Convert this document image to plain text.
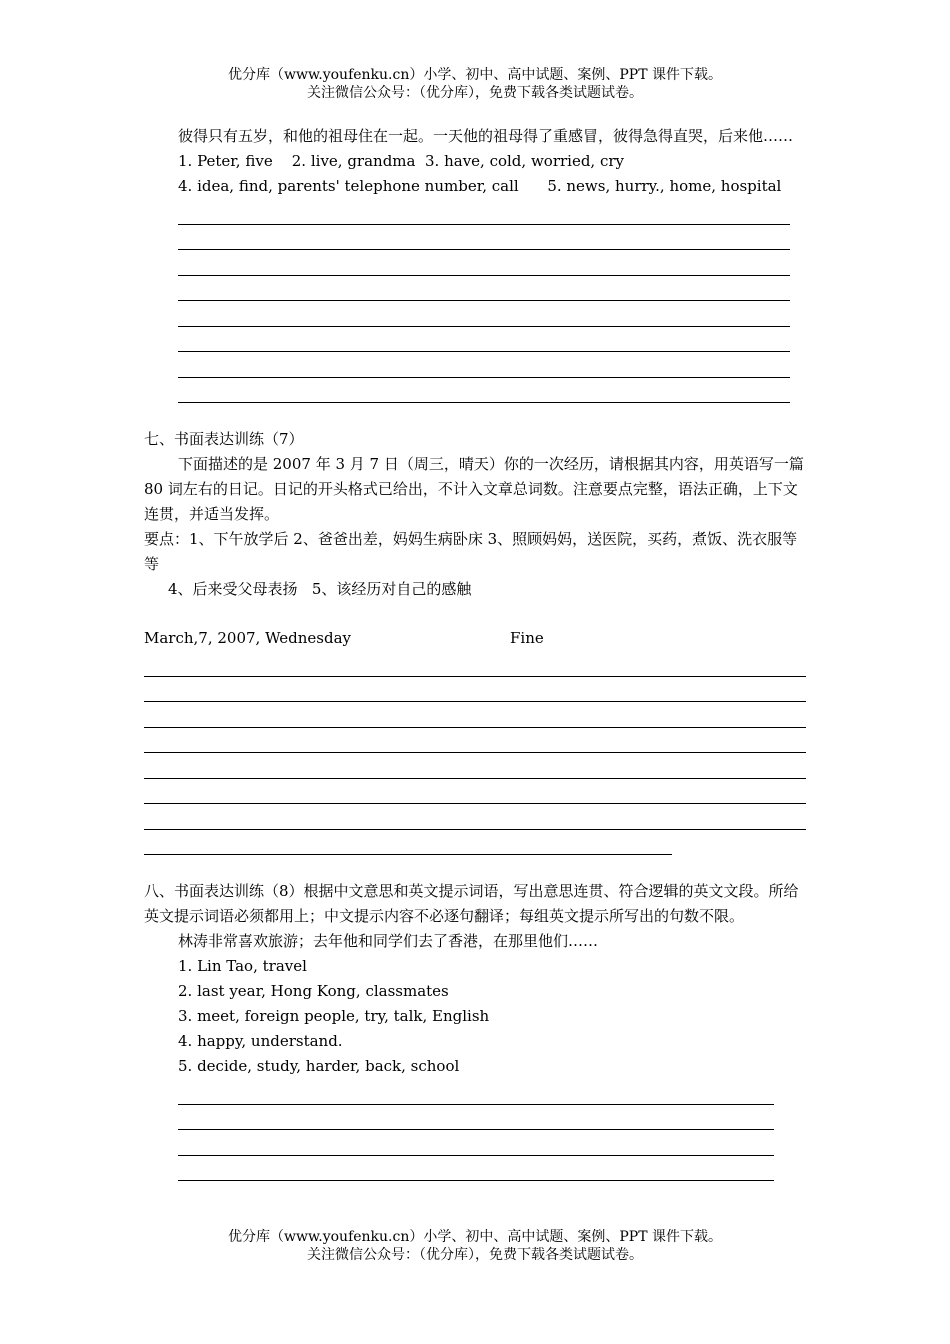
优分库（www.youfenku.cn）小学、初中、高中试题、案例、PPT 课件下载。
关注微信公众号：（优分库），免费下载各类试题试卷。

彼得只有五岁，和他的祖母住在一起。一天他的祖母得了重感冒，彼得急得直哭，后来他……

1. Peter, five    2. live, grandma  3. have, cold, worried, cry

4. idea, find, parents' telephone number, call      5. news, hurry., home, hospital

七、书面表达训练（7）

下面描述的是 2007 年 3 月 7 日（周三，晴天）你的一次经历，请根据其内容，用英语写一篇 80 词左右的日记。日记的开头格式已给出，不计入文章总词数。注意要点完整，语法正确，上下文连贯，并适当发挥。

要点：1、下午放学后 2、爸爸出差，妈妈生病卧床 3、照顾妈妈，送医院，买药，煮饭、洗衣服等等

4、后来受父母表扬   5、该经历对自己的感触

March,7, 2007, Wednesday	Fine

八、书面表达训练（8）根据中文意思和英文提示词语，写出意思连贯、符合逻辑的英文文段。所给英文提示词语必须都用上；中文提示内容不必逐句翻译；每组英文提示所写出的句数不限。

林涛非常喜欢旅游；去年他和同学们去了香港，在那里他们……

1. Lin Tao, travel

2. last year, Hong Kong, classmates

3. meet, foreign people, try, talk, English

4. happy, understand.

5. decide, study, harder, back, school

优分库（www.youfenku.cn）小学、初中、高中试题、案例、PPT 课件下载。
关注微信公众号：（优分库），免费下载各类试题试卷。
